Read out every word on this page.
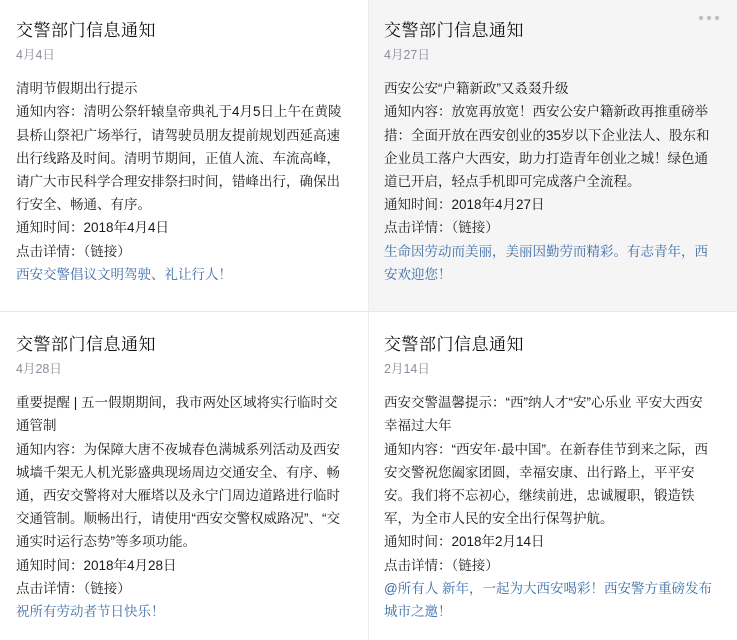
交警部门信息通知
4月4日
清明节假期出行提示
通知内容：清明公祭轩辕皇帝典礼于4月5日上午在黄陵县桥山祭祀广场举行，请驾驶员朋友提前规划西延高速出行线路及时间。清明节期间，正值人流、车流高峰，请广大市民科学合理安排祭扫时间，错峰出行，确保出行安全、畅通、有序。
通知时间：2018年4月4日
点击详情：（链接）
西安交警倡议文明驾驶、礼让行人！
交警部门信息通知
4月27日
西安公安“户籍新政”又叒叕升级
通知内容：放宽再放宽！西安公安户籍新政再推重磅举措：全面开放在西安创业的35岁以下企业法人、股东和企业员工落户大西安，助力打造青年创业之城！绿色通道已开启，轻点手机即可完成落户全流程。
通知时间：2018年4月27日
点击详情：（链接）
生命因劳动而美丽，美丽因勤劳而精彩。有志青年，西安欢迎您！
交警部门信息通知
4月28日
重要提醒 | 五一假期期间，我市两处区域将实行临时交通管制
通知内容：为保障大唐不夜城春色满城系列活动及西安城墙千架无人机光影盛典现场周边交通安全、有序、畅通，西安交警将对大雁塔以及永宁门周边道路进行临时交通管制。顺畅出行，请使用“西安交警权威路况”、“交通实时运行态势”等多项功能。
通知时间：2018年4月28日
点击详情：（链接）
祝所有劳动者节日快乐！
交警部门信息通知
2月14日
西安交警温馨提示：“西”纳人才“安”心乐业 平安大西安 幸福过大年
通知内容：“西安年·最中国”。在新春佳节到来之际，西安交警祝您阖家团圆，幸福安康、出行路上，平平安安。我们将不忘初心，继续前进，忠诚履职，锻造铁军，为全市人民的安全出行保驾护航。
通知时间：2018年2月14日
点击详情：（链接）
@所有人 新年，一起为大西安喝彩！西安警方重磅发布城市之邀！
